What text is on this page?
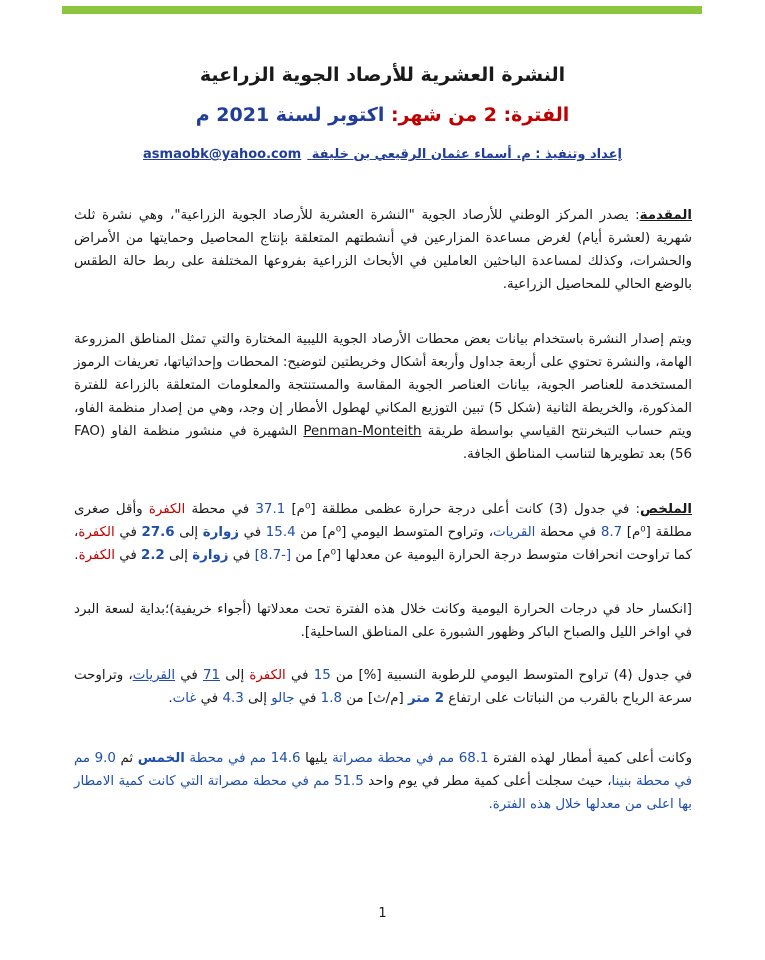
النشرة العشرية للأرصاد الجوية الزراعية
الفترة: 2 من شهر: اكتوبر لسنة 2021 م
إعداد وتنفيذ : م. أسماء عثمان الرقيعي بن خليفة asmaobk@yahoo.com
المقدمة: يصدر المركز الوطني للأرصاد الجوية "النشرة العشرية للأرصاد الجوية الزراعية"، وهي نشرة ثلث شهرية (لعشرة أيام) لغرض مساعدة المزارعين في أنشطتهم المتعلقة بإنتاج المحاصيل وحمايتها من الأمراض والحشرات، وكذلك لمساعدة الباحثين العاملين في الأبحاث الزراعية بفروعها المختلفة على ربط حالة الطقس بالوضع الحالي للمحاصيل الزراعية.
ويتم إصدار النشرة باستخدام بيانات بعض محطات الأرصاد الجوية الليبية المختارة والتي تمثل المناطق المزروعة الهامة، والنشرة تحتوي على أربعة جداول وأربعة أشكال وخريطتين لتوضيح: المحطات وإحداثياتها، تعريفات الرموز المستخدمة للعناصر الجوية، بيانات العناصر الجوية المقاسة والمستنتجة والمعلومات المتعلقة بالزراعة للفترة المذكورة، والخريطة الثانية (شكل 5) تبين التوزيع المكاني لهطول الأمطار إن وجد، وهي من إصدار منظمة الفاو، ويتم حساب التبخرنتح القياسي بواسطة طريقة Penman-Monteith الشهيرة في منشور منظمة الفاو (FAO 56) بعد تطويرها لتناسب المناطق الجافة.
الملخص: في جدول (3) كانت أعلى درجة حرارة عظمى مطلقة [⁰م] 37.1 في محطة الكفرة وأقل صغرى مطلقة [⁰م] 8.7 في محطة القريات، وتراوح المتوسط اليومي [⁰م] من 15.4 في زوارة إلى 27.6 في الكفرة، كما تراوحت انحرافات متوسط درجة الحرارة اليومية عن معدلها [⁰م] من [-8.7] في زوارة إلى 2.2 في الكفرة.
[انكسار حاد في درجات الحرارة اليومية وكانت خلال هذه الفترة تحت معدلاتها (أجواء خريفية)؛بداية لسعة البرد في اواخر الليل والصباح الباكر وظهور الشبورة على المناطق الساحلية].
في جدول (4) تراوح المتوسط اليومي للرطوبة النسبية [%] من 15 في الكفرة إلى 71 في القريات، وتراوحت سرعة الرياح بالقرب من النباتات على ارتفاع 2 متر [م/ث] من 1.8 في جالو إلى 4.3 في غات.
وكانت أعلى كمية أمطار لهذه الفترة 68.1 مم في محطة مصراتة يليها 14.6 مم في محطة الخمس ثم 9.0 مم في محطة بنينا، حيث سجلت أعلى كمية مطر في يوم واحد 51.5 مم في محطة مصراتة التي كانت كمية الامطار بها اعلى من معدلها خلال هذه الفترة.
1
